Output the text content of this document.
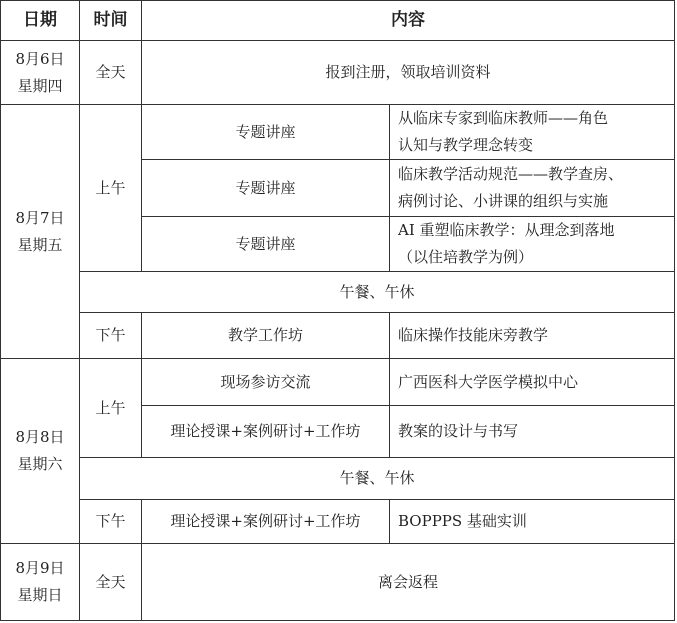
日期	时间	内容	

8月6日
星期四	全天	报到注册，领取培训资料	

8月7日
星期五	上午	专题讲座	从临床专家到临床教师——角色
认知与教学理念转变

		专题讲座	临床教学活动规范——教学查房、
病例讨论、小讲课的组织与实施

		专题讲座	AI 重塑临床教学：从理念到落地
（以住培教学为例）

	午餐、午休		
	下午	教学工作坊	临床操作技能床旁教学

8月8日
星期六	上午	现场参访交流	广西医科大学医学模拟中心
		理论授课+案例研讨+工作坊	教案的设计与书写
	午餐、午休		
	下午	理论授课+案例研讨+工作坊	BOPPPS 基础实训

8月9日
星期日	全天	离会返程	
